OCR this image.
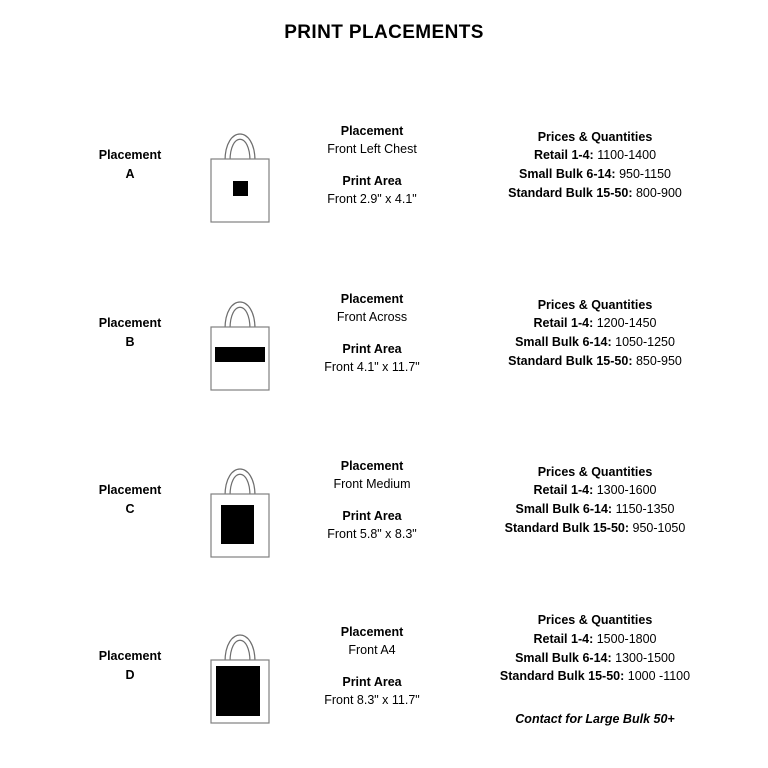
PRINT PLACEMENTS
Placement
A
Placement
Front Left Chest
Print Area
Front 2.9" x 4.1"
Prices & Quantities
Retail 1-4: 1100-1400
Small Bulk 6-14: 950-1150
Standard Bulk 15-50: 800-900
Placement
B
Placement
Front Across
Print Area
Front 4.1" x 11.7"
Prices & Quantities
Retail 1-4: 1200-1450
Small Bulk 6-14: 1050-1250
Standard Bulk 15-50: 850-950
Placement
C
Placement
Front Medium
Print Area
Front 5.8" x 8.3"
Prices & Quantities
Retail 1-4: 1300-1600
Small Bulk 6-14: 1150-1350
Standard Bulk 15-50: 950-1050
Placement
D
Placement
Front A4
Print Area
Front 8.3" x 11.7"
Prices & Quantities
Retail 1-4: 1500-1800
Small Bulk 6-14: 1300-1500
Standard Bulk 15-50: 1000 -1100
Contact for Large Bulk 50+
